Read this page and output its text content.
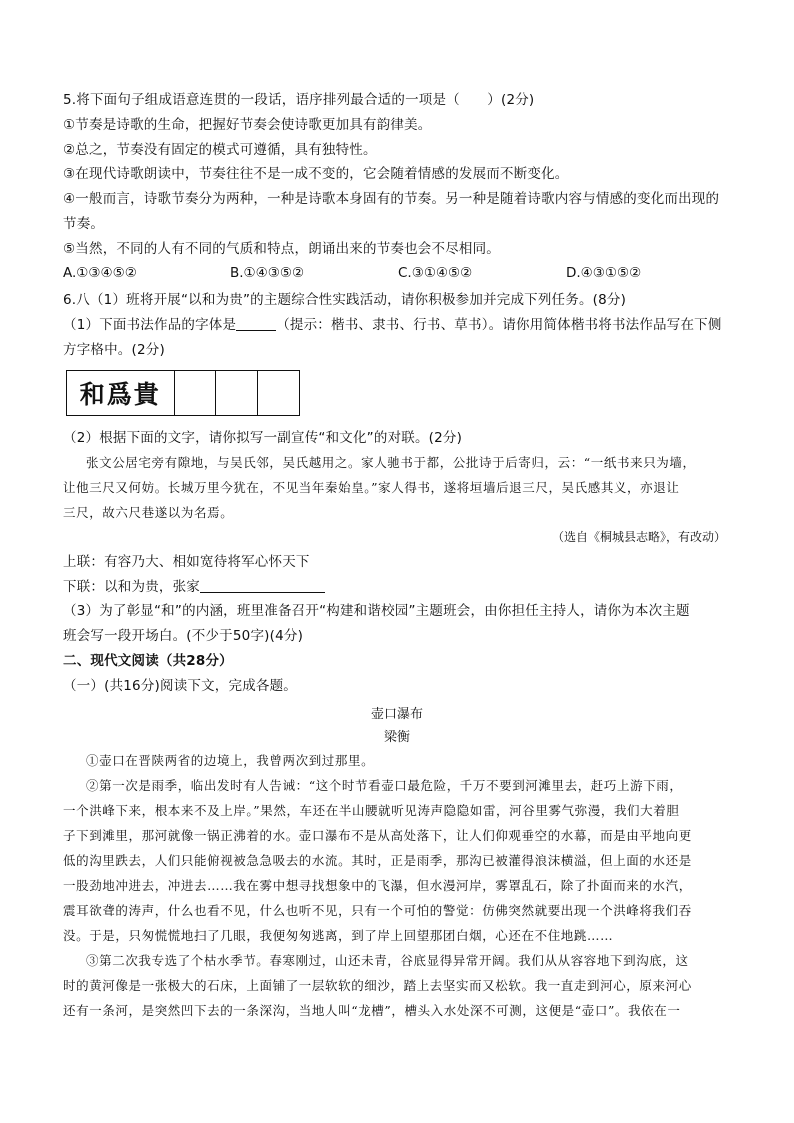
5.将下面句子组成语意连贯的一段话，语序排列最合适的一项是（　　）(2分)
①节奏是诗歌的生命，把握好节奏会使诗歌更加具有韵律美。
②总之，节奏没有固定的模式可遵循，具有独特性。
③在现代诗歌朗读中，节奏往往不是一成不变的，它会随着情感的发展而不断变化。
④一般而言，诗歌节奏分为两种，一种是诗歌本身固有的节奏。另一种是随着诗歌内容与情感的变化而出现的
节奏。
⑤当然，不同的人有不同的气质和特点，朗诵出来的节奏也会不尽相同。
A.①③④⑤②	B.①④③⑤②	C.③①④⑤②	D.④③①⑤②
6.八（1）班将开展“以和为贵”的主题综合性实践活动，请你积极参加并完成下列任务。(8分)
（1）下面书法作品的字体是	（提示：楷书、隶书、行书、草书）。请你用简体楷书将书法作品写在下侧
方字格中。(2分)
和爲貴
（2）根据下面的文字，请你拟写一副宣传“和文化”的对联。(2分)
张文公居宅旁有隙地，与吴氏邻，吴氏越用之。家人驰书于都，公批诗于后寄归，云：“一纸书来只为墙，
让他三尺又何妨。长城万里今犹在，不见当年秦始皇。”家人得书，遂将垣墙后退三尺，吴氏感其义，亦退让
三尺，故六尺巷遂以为名焉。
（选自《桐城县志略》，有改动）
上联：有容乃大、相如宽待将军心怀天下
下联：以和为贵，张家
（3）为了彰显“和”的内涵，班里准备召开“构建和谐校园”主题班会，由你担任主持人，请你为本次主题
班会写一段开场白。(不少于50字)(4分)
二、现代文阅读（共28分）
（一）(共16分)阅读下文，完成各题。
壶口瀑布
梁衡
①壶口在晋陕两省的边境上，我曾两次到过那里。
②第一次是雨季，临出发时有人告诫：“这个时节看壶口最危险，千万不要到河滩里去，赶巧上游下雨，
一个洪峰下来，根本来不及上岸。”果然，车还在半山腰就听见涛声隐隐如雷，河谷里雾气弥漫，我们大着胆
子下到滩里，那河就像一锅正沸着的水。壶口瀑布不是从高处落下，让人们仰观垂空的水幕，而是由平地向更
低的沟里跌去，人们只能俯视被急急吸去的水流。其时，正是雨季，那沟已被灌得浪沫横溢，但上面的水还是
一股劲地冲进去，冲进去……我在雾中想寻找想象中的飞瀑，但水漫河岸，雾罩乱石，除了扑面而来的水汽，
震耳欲聋的涛声，什么也看不见，什么也听不见，只有一个可怕的警觉：仿佛突然就要出现一个洪峰将我们吞
没。于是，只匆慌慌地扫了几眼，我便匆匆逃离，到了岸上回望那团白烟，心还在不住地跳……
③第二次我专选了个枯水季节。春寒刚过，山还未青，谷底显得异常开阔。我们从从容容地下到沟底，这
时的黄河像是一张极大的石床，上面铺了一层软软的细沙，踏上去坚实而又松软。我一直走到河心，原来河心
还有一条河，是突然凹下去的一条深沟，当地人叫“龙槽”，槽头入水处深不可测，这便是“壶口”。我依在一
